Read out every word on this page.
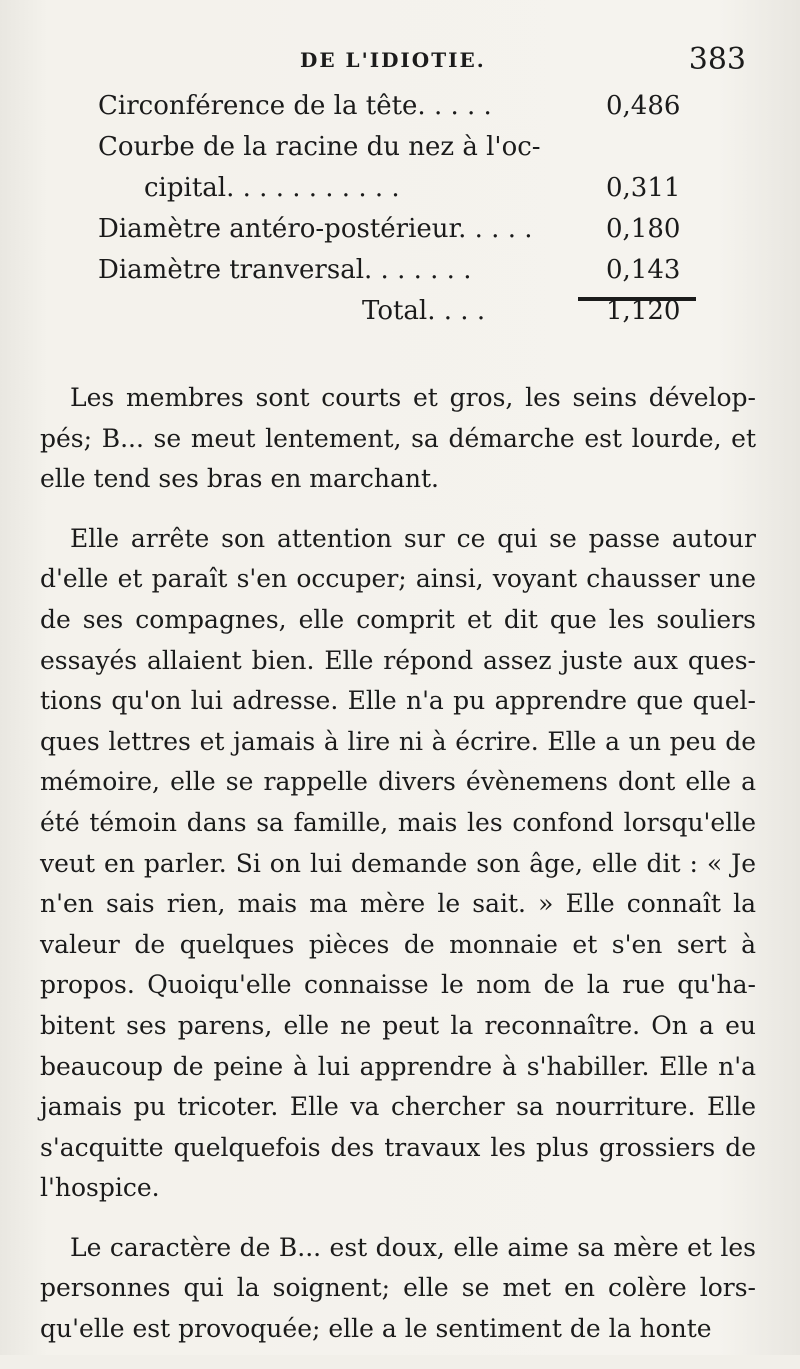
DE L'IDIOTIE.	383
Circonférence de la tête. . . . .	0,486
Courbe de la racine du nez à l'oc-
cipital. . . . . . . . . . .	0,311
Diamètre antéro-postérieur. . . . .	0,180
Diamètre tranversal. . . . . . .	0,143
Total. . . .	1,120

Les membres sont courts et gros, les seins dévelop-pés; B... se meut lentement, sa démarche est lourde, et elle tend ses bras en marchant.

Elle arrête son attention sur ce qui se passe autour d'elle et paraît s'en occuper; ainsi, voyant chausser une de ses compagnes, elle comprit et dit que les souliers essayés allaient bien. Elle répond assez juste aux ques-tions qu'on lui adresse. Elle n'a pu apprendre que quel-ques lettres et jamais à lire ni à écrire. Elle a un peu de mémoire, elle se rappelle divers évènemens dont elle a été témoin dans sa famille, mais les confond lorsqu'elle veut en parler. Si on lui demande son âge, elle dit : « Je n'en sais rien, mais ma mère le sait. » Elle connaît la valeur de quelques pièces de monnaie et s'en sert à propos. Quoiqu'elle connaisse le nom de la rue qu'ha-bitent ses parens, elle ne peut la reconnaître. On a eu beaucoup de peine à lui apprendre à s'habiller. Elle n'a jamais pu tricoter. Elle va chercher sa nourriture. Elle s'acquitte quelquefois des travaux les plus grossiers de l'hospice.

Le caractère de B... est doux, elle aime sa mère et les personnes qui la soignent; elle se met en colère lors-qu'elle est provoquée; elle a le sentiment de la honte
